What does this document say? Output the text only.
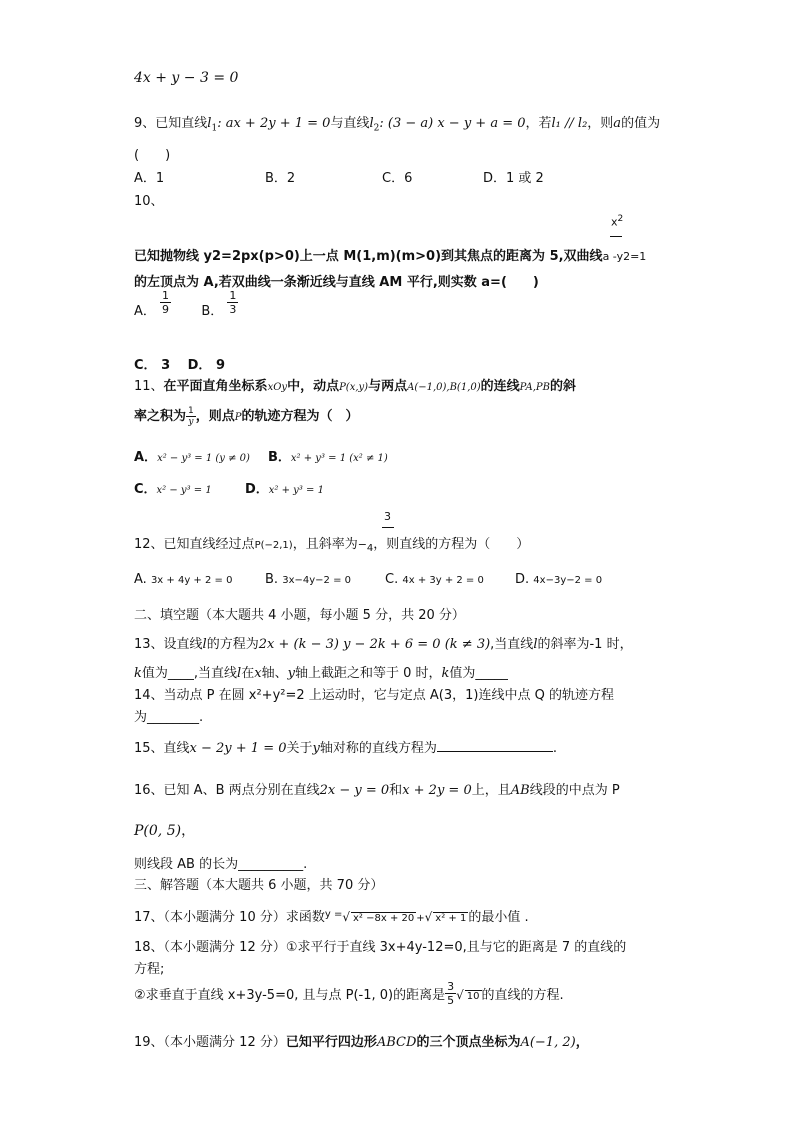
4x + y − 3 = 0
9、已知直线$l_1$: ax + 2y + 1 = 0与直线$l_2$: (3 − a) x − y + a = 0，若l₁ // l₂，则a的值为
(　　)
A．1	B．2	C．6	D．1 或 2
10、
$x^2$
已知抛物线 y2=2px(p>0)上一点 M(1,m)(m>0)到其焦点的距离为 5,双曲线a -y2=1
的左顶点为 A,若双曲线一条渐近线与直线 AM 平行,则实数 a=(　　)
A． $\frac{1}{9}$ B． $\frac{1}{3}$
C． 3　 D． 9
11、在平面直角坐标系xOy中，动点P(x,y)与两点A(−1,0),B(1,0)的连线PA,PB的斜
率之积为 $\frac{1}{y}$ ，则点P的轨迹方程为（　）
A．x² − y³ = 1 (y ≠ 0) B．x² + y³ = 1 (x² ≠ 1)
C．x² − y³ = 1	D．x² + y³ = 1
3
12、已知直线经过点P(−2,1)，且斜率为$-_4$，则直线的方程为（　　）
A. 3x + 4y + 2 = 0	B. 3x−4y−2 = 0	C. 4x + 3y + 2 = 0 D. 4x−3y−2 = 0
二、填空题（本大题共 4 小题，每小题 5 分，共 20 分）
13、设直线l的方程为2x + (k − 3) y − 2k + 6 = 0 (k ≠ 3),当直线l的斜率为-1 时，
k值为____,当直线l在x轴、y轴上截距之和等于 0 时，k值为_____
14、当动点 P 在圆 x²+y²=2 上运动时，它与定点 A(3，1)连线中点 Q 的轨迹方程
为________.
15、直线x − 2y + 1 = 0关于y轴对称的直线方程为	.
16、已知 A、B 两点分别在直线2x − y = 0和x + 2y = 0上，且AB线段的中点为 P
P(0, 5)，
则线段 AB 的长为__________.
三、解答题（本大题共 6 小题，共 70 分）
17、（本小题满分 10 分）求函数$^{y =}$√ x² −8x + 20 +√ x² + 1 的最小值 .
18、（本小题满分 12 分）①求平行于直线 3x+4y-12=0,且与它的距离是 7 的直线的
方程;
②求垂直于直线 x+3y-5=0, 且与点 P(-1, 0)的距离是 $\frac{3}{5}$ √ 10 的直线的方程.
19、（本小题满分 12 分）已知平行四边形ABCD的三个顶点坐标为A(−1, 2)，
